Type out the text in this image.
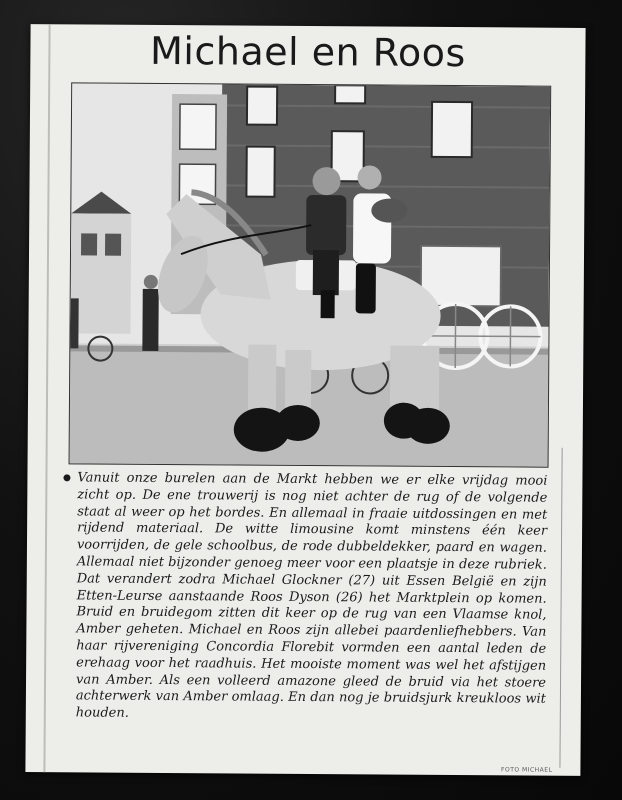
Michael en Roos

Vanuit onze burelen aan de Markt hebben we er elke vrijdag mooi zicht op. De ene trouwerij is nog niet achter de rug of de volgende staat al weer op het bordes. En allemaal in fraaie uitdossingen en met rijdend materiaal. De witte limousine komt minstens één keer voorrijden, de gele schoolbus, de rode dubbeldekker, paard en wagen. Allemaal niet bijzonder genoeg meer voor een plaatsje in deze rubriek. Dat verandert zodra Michael Glockner (27) uit Essen België en zijn Etten-Leurse aanstaande Roos Dyson (26) het Marktplein op komen. Bruid en bruidegom zitten dit keer op de rug van een Vlaamse knol, Amber geheten. Michael en Roos zijn allebei paardenliefhebbers. Van haar rijvereniging Concordia Florebit vormden een aantal leden de erehaag voor het raadhuis. Het mooiste moment was wel het afstijgen van Amber. Als een volleerd amazone gleed de bruid via het stoere achterwerk van Amber omlaag. En dan nog je bruidsjurk kreukloos wit houden.

FOTO MICHAEL
